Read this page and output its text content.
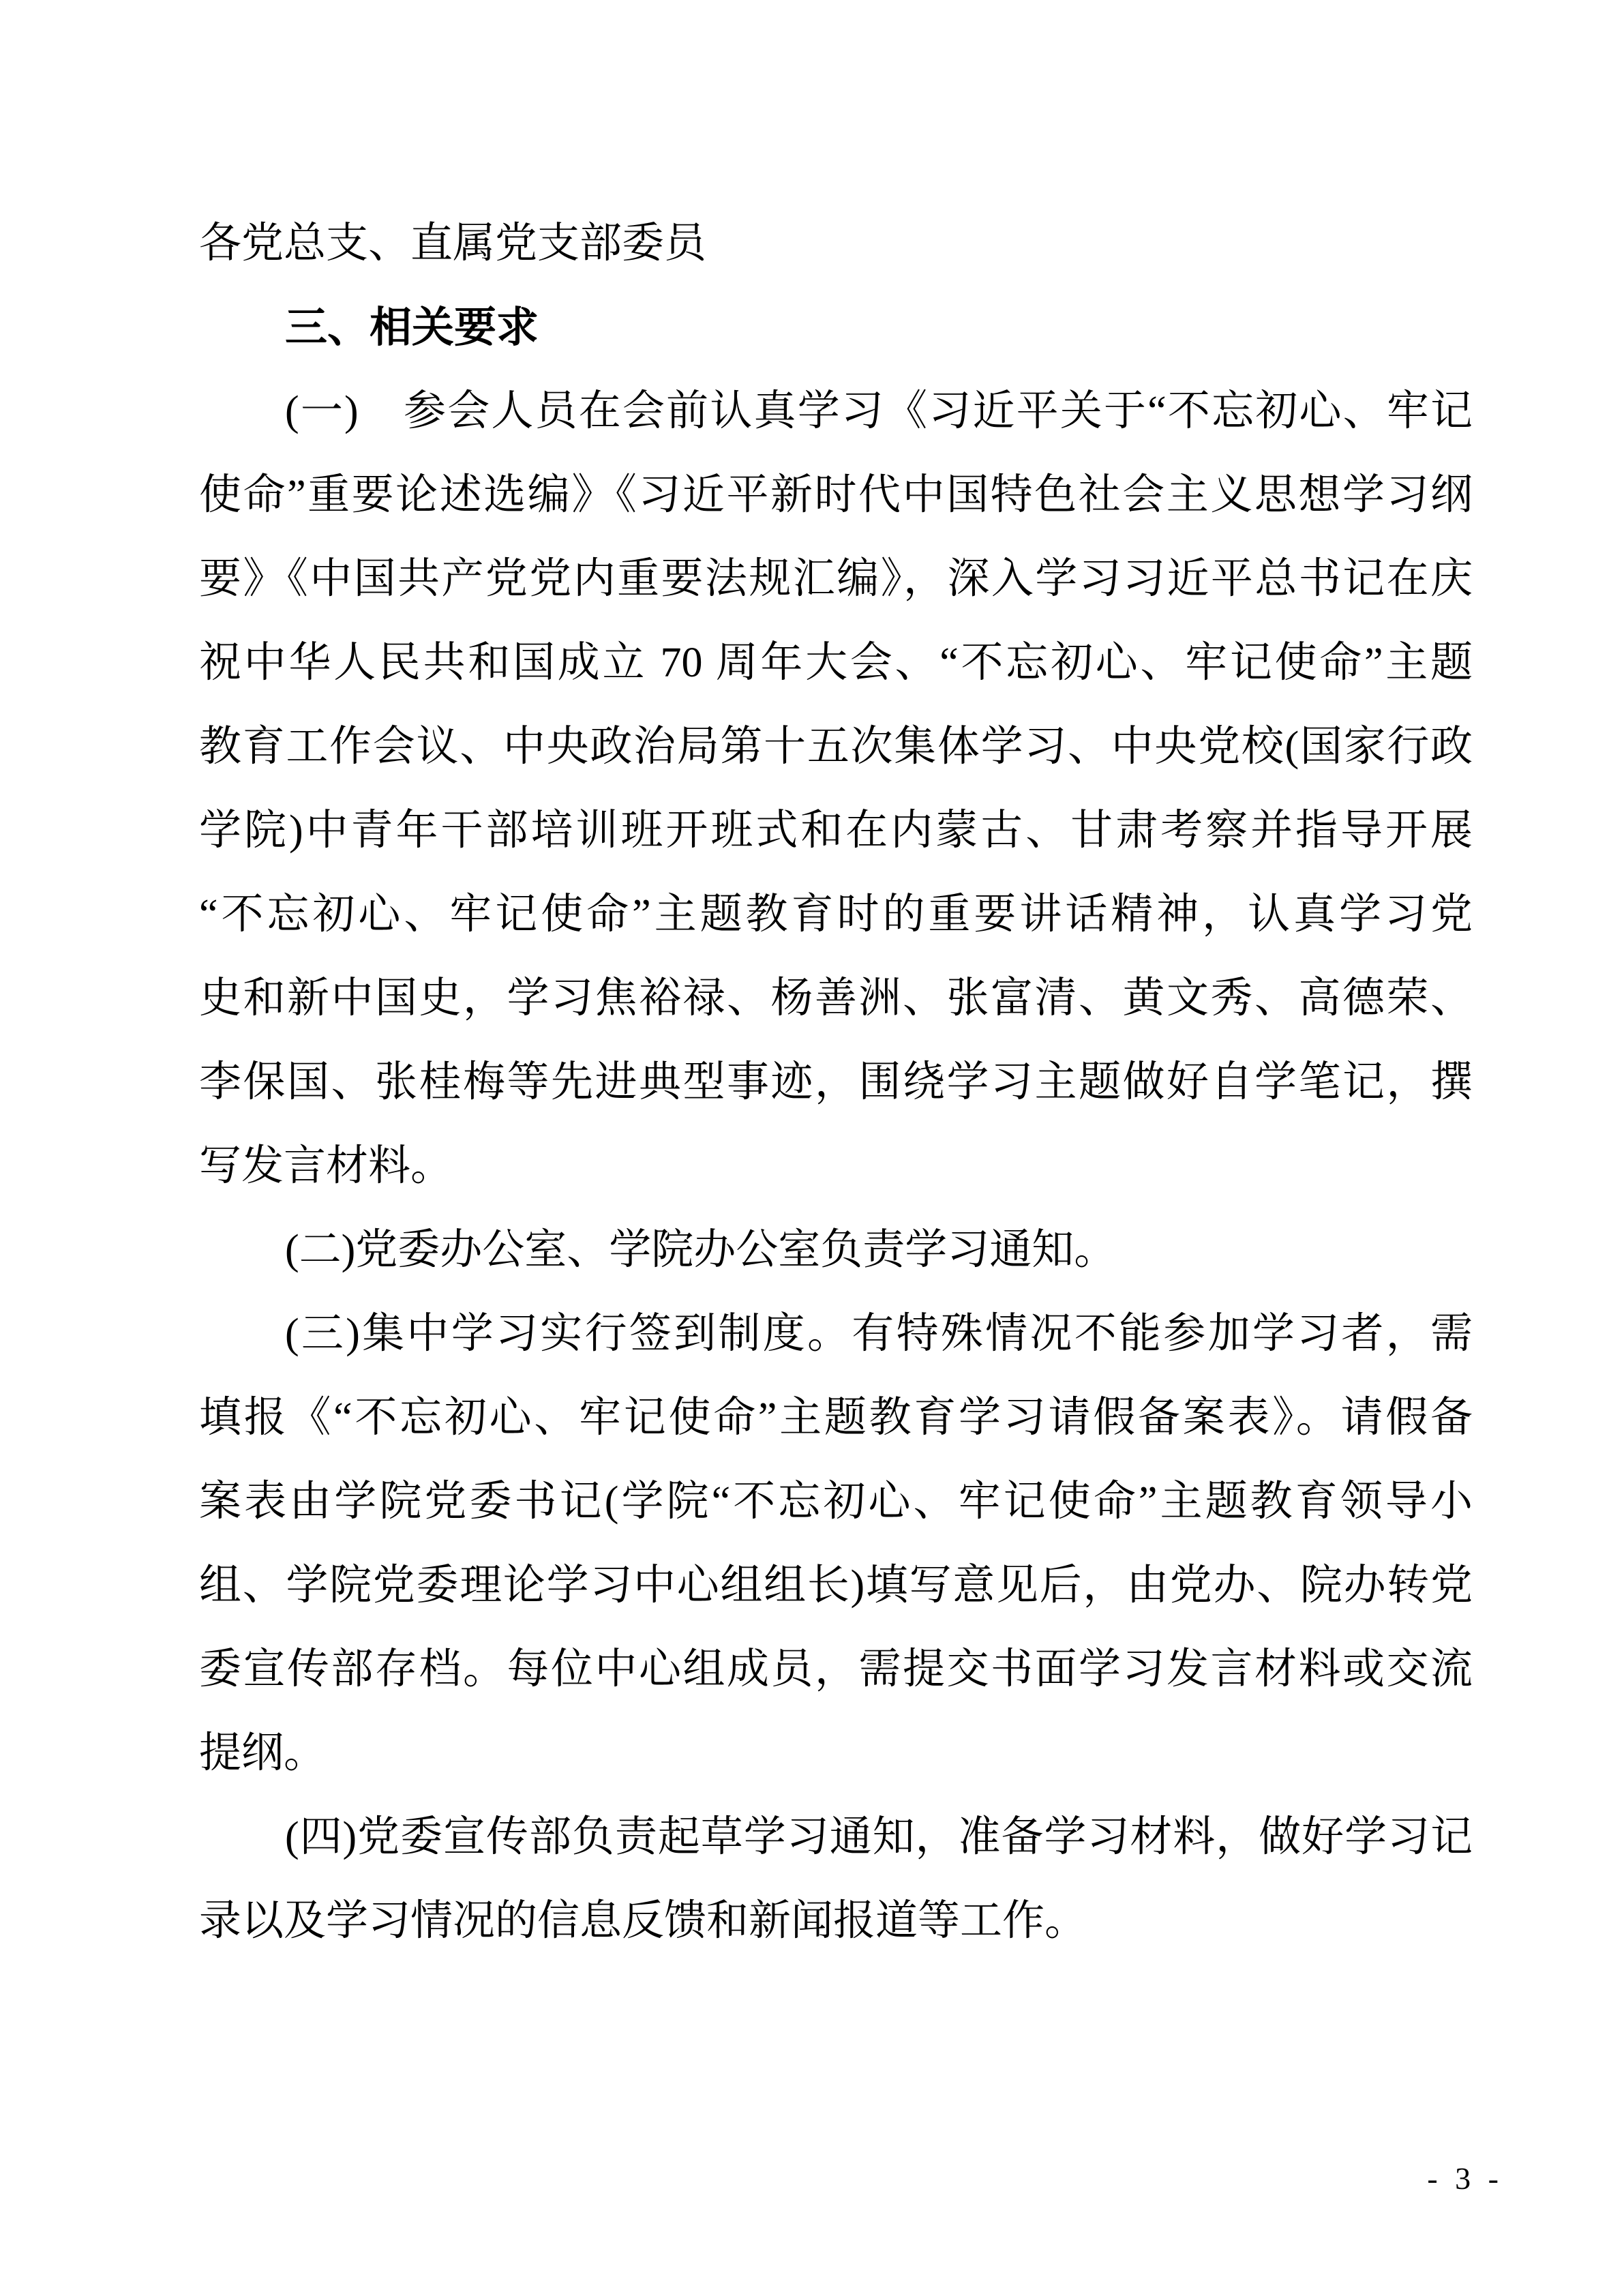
各党总支、直属党支部委员
三、相关要求
(一)　参会人员在会前认真学习《习近平关于“不忘初心、牢记
使命”重要论述选编》《习近平新时代中国特色社会主义思想学习纲
要》《中国共产党党内重要法规汇编》，深入学习习近平总书记在庆
祝中华人民共和国成立 70 周年大会、“不忘初心、牢记使命”主题
教育工作会议、中央政治局第十五次集体学习、中央党校(国家行政
学院)中青年干部培训班开班式和在内蒙古、甘肃考察并指导开展
“不忘初心、牢记使命”主题教育时的重要讲话精神，认真学习党
史和新中国史，学习焦裕禄、杨善洲、张富清、黄文秀、高德荣、
李保国、张桂梅等先进典型事迹，围绕学习主题做好自学笔记，撰
写发言材料。
(二)党委办公室、学院办公室负责学习通知。
(三)集中学习实行签到制度。有特殊情况不能参加学习者，需
填报《“不忘初心、牢记使命”主题教育学习请假备案表》。请假备
案表由学院党委书记(学院“不忘初心、牢记使命”主题教育领导小
组、学院党委理论学习中心组组长)填写意见后，由党办、院办转党
委宣传部存档。每位中心组成员，需提交书面学习发言材料或交流
提纲。
(四)党委宣传部负责起草学习通知，准备学习材料，做好学习记
录以及学习情况的信息反馈和新闻报道等工作。
- 3 -
